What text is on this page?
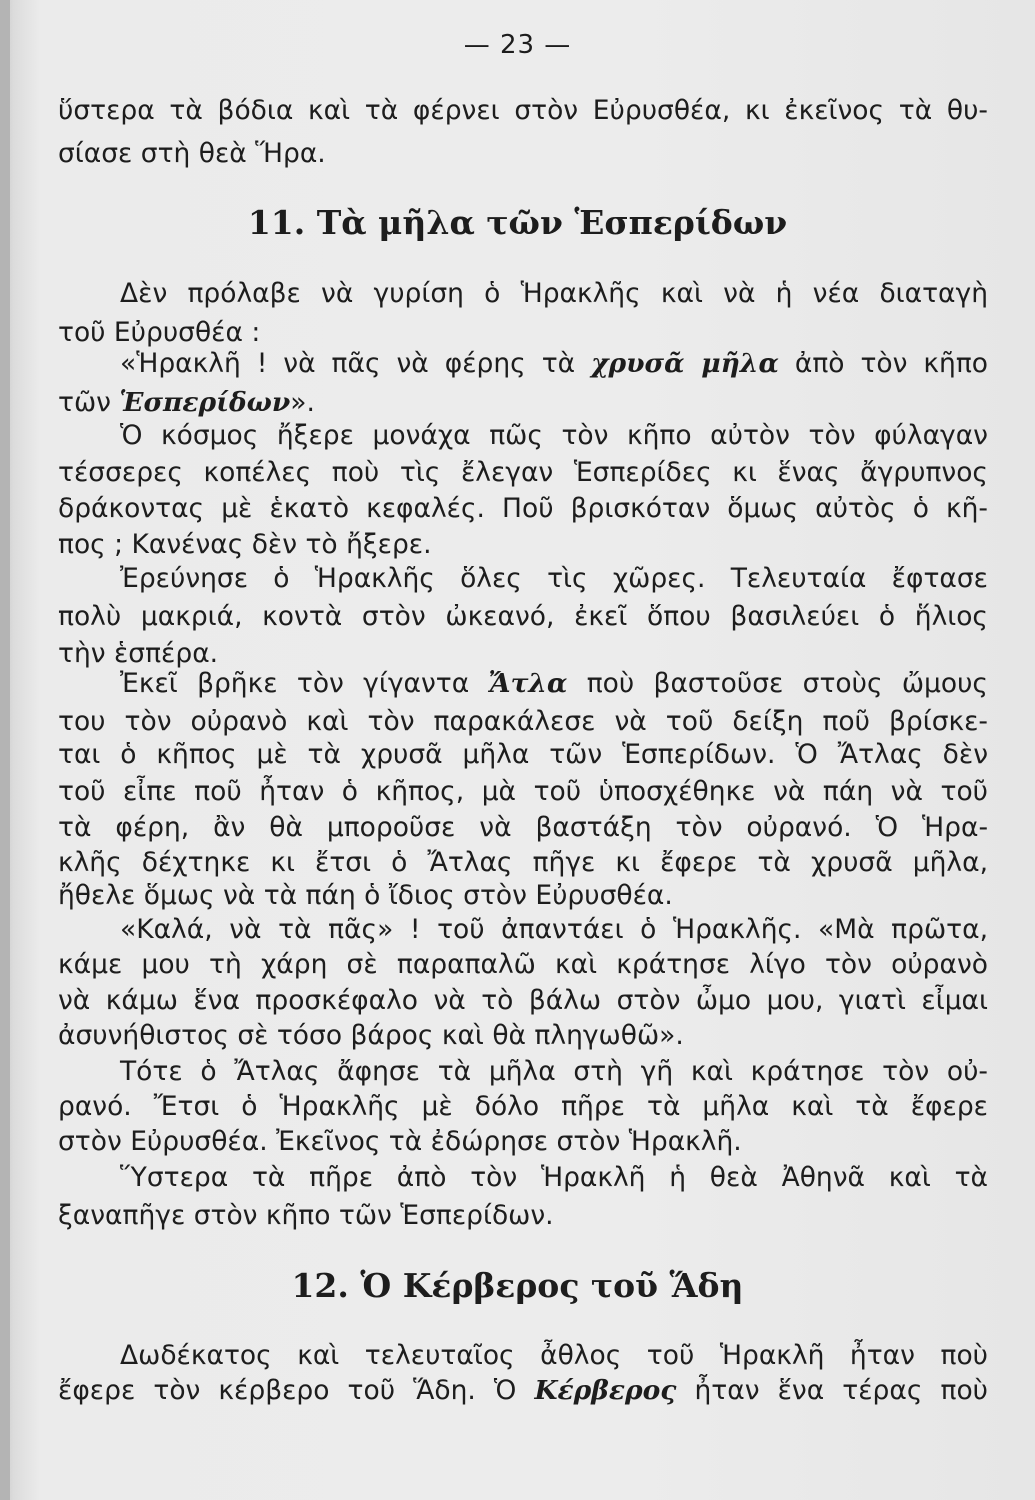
— 23 —

ὕστερα τὰ βόδια καὶ τὰ φέρνει στὸν Εὐρυσθέα, κι ἐκεῖνος τὰ θυ-

σίασε στὴ θεὰ Ἥρα.

11. Τὰ μῆλα τῶν Ἑσπερίδων

Δὲν πρόλαβε νὰ γυρίση ὁ Ἡρακλῆς καὶ νὰ ἡ νέα διαταγὴ

τοῦ Εὐρυσθέα :

«Ἡρακλῆ ! νὰ πᾶς νὰ φέρης τὰ χρυσᾶ μῆλα ἀπὸ τὸν κῆπο

τῶν Ἑσπερίδων».

Ὁ κόσμος ἤξερε μονάχα πῶς τὸν κῆπο αὐτὸν τὸν φύλαγαν

τέσσερες κοπέλες ποὺ τὶς ἔλεγαν Ἑσπερίδες κι ἕνας ἄγρυπνος

δράκοντας μὲ ἑκατὸ κεφαλές. Ποῦ βρισκόταν ὅμως αὐτὸς ὁ κῆ-

πος ; Κανένας δὲν τὸ ἤξερε.

Ἐρεύνησε ὁ Ἡρακλῆς ὅλες τὶς χῶρες. Τελευταία ἔφτασε

πολὺ μακριά, κοντὰ στὸν ὠκεανό, ἐκεῖ ὅπου βασιλεύει ὁ ἥλιος

τὴν ἑσπέρα.

Ἐκεῖ βρῆκε τὸν γίγαντα Ἄτλα ποὺ βαστοῦσε στοὺς ὤμους

του τὸν οὐρανὸ καὶ τὸν παρακάλεσε νὰ τοῦ δείξη ποῦ βρίσκε-

ται ὁ κῆπος μὲ τὰ χρυσᾶ μῆλα τῶν Ἑσπερίδων. Ὁ Ἄτλας δὲν

τοῦ εἶπε ποῦ ἦταν ὁ κῆπος, μὰ τοῦ ὑποσχέθηκε νὰ πάη νὰ τοῦ

τὰ φέρη, ἂν θὰ μποροῦσε νὰ βαστάξη τὸν οὐρανό. Ὁ Ἡρα-

κλῆς δέχτηκε κι ἔτσι ὁ Ἄτλας πῆγε κι ἔφερε τὰ χρυσᾶ μῆλα,

ἤθελε ὅμως νὰ τὰ πάη ὁ ἴδιος στὸν Εὐρυσθέα.

«Καλά, νὰ τὰ πᾶς» ! τοῦ ἀπαντάει ὁ Ἡρακλῆς. «Μὰ πρῶτα,

κάμε μου τὴ χάρη σὲ παραπαλῶ καὶ κράτησε λίγο τὸν οὐρανὸ

νὰ κάμω ἕνα προσκέφαλο νὰ τὸ βάλω στὸν ὦμο μου, γιατὶ εἶμαι

ἀσυνήθιστος σὲ τόσο βάρος καὶ θὰ πληγωθῶ».

Τότε ὁ Ἄτλας ἄφησε τὰ μῆλα στὴ γῆ καὶ κράτησε τὸν οὐ-

ρανό. Ἔτσι ὁ Ἡρακλῆς μὲ δόλο πῆρε τὰ μῆλα καὶ τὰ ἔφερε

στὸν Εὐρυσθέα. Ἐκεῖνος τὰ ἐδώρησε στὸν Ἡρακλῆ.

Ὕστερα τὰ πῆρε ἀπὸ τὸν Ἡρακλῆ ἡ θεὰ Ἀθηνᾶ καὶ τὰ

ξαναπῆγε στὸν κῆπο τῶν Ἑσπερίδων.

12. Ὁ Κέρβερος τοῦ Ἅδη

Δωδέκατος καὶ τελευταῖος ἆθλος τοῦ Ἡρακλῆ ἦταν ποὺ

ἔφερε τὸν κέρβερο τοῦ Ἅδη. Ὁ Κέρβερος ἦταν ἕνα τέρας ποὺ
